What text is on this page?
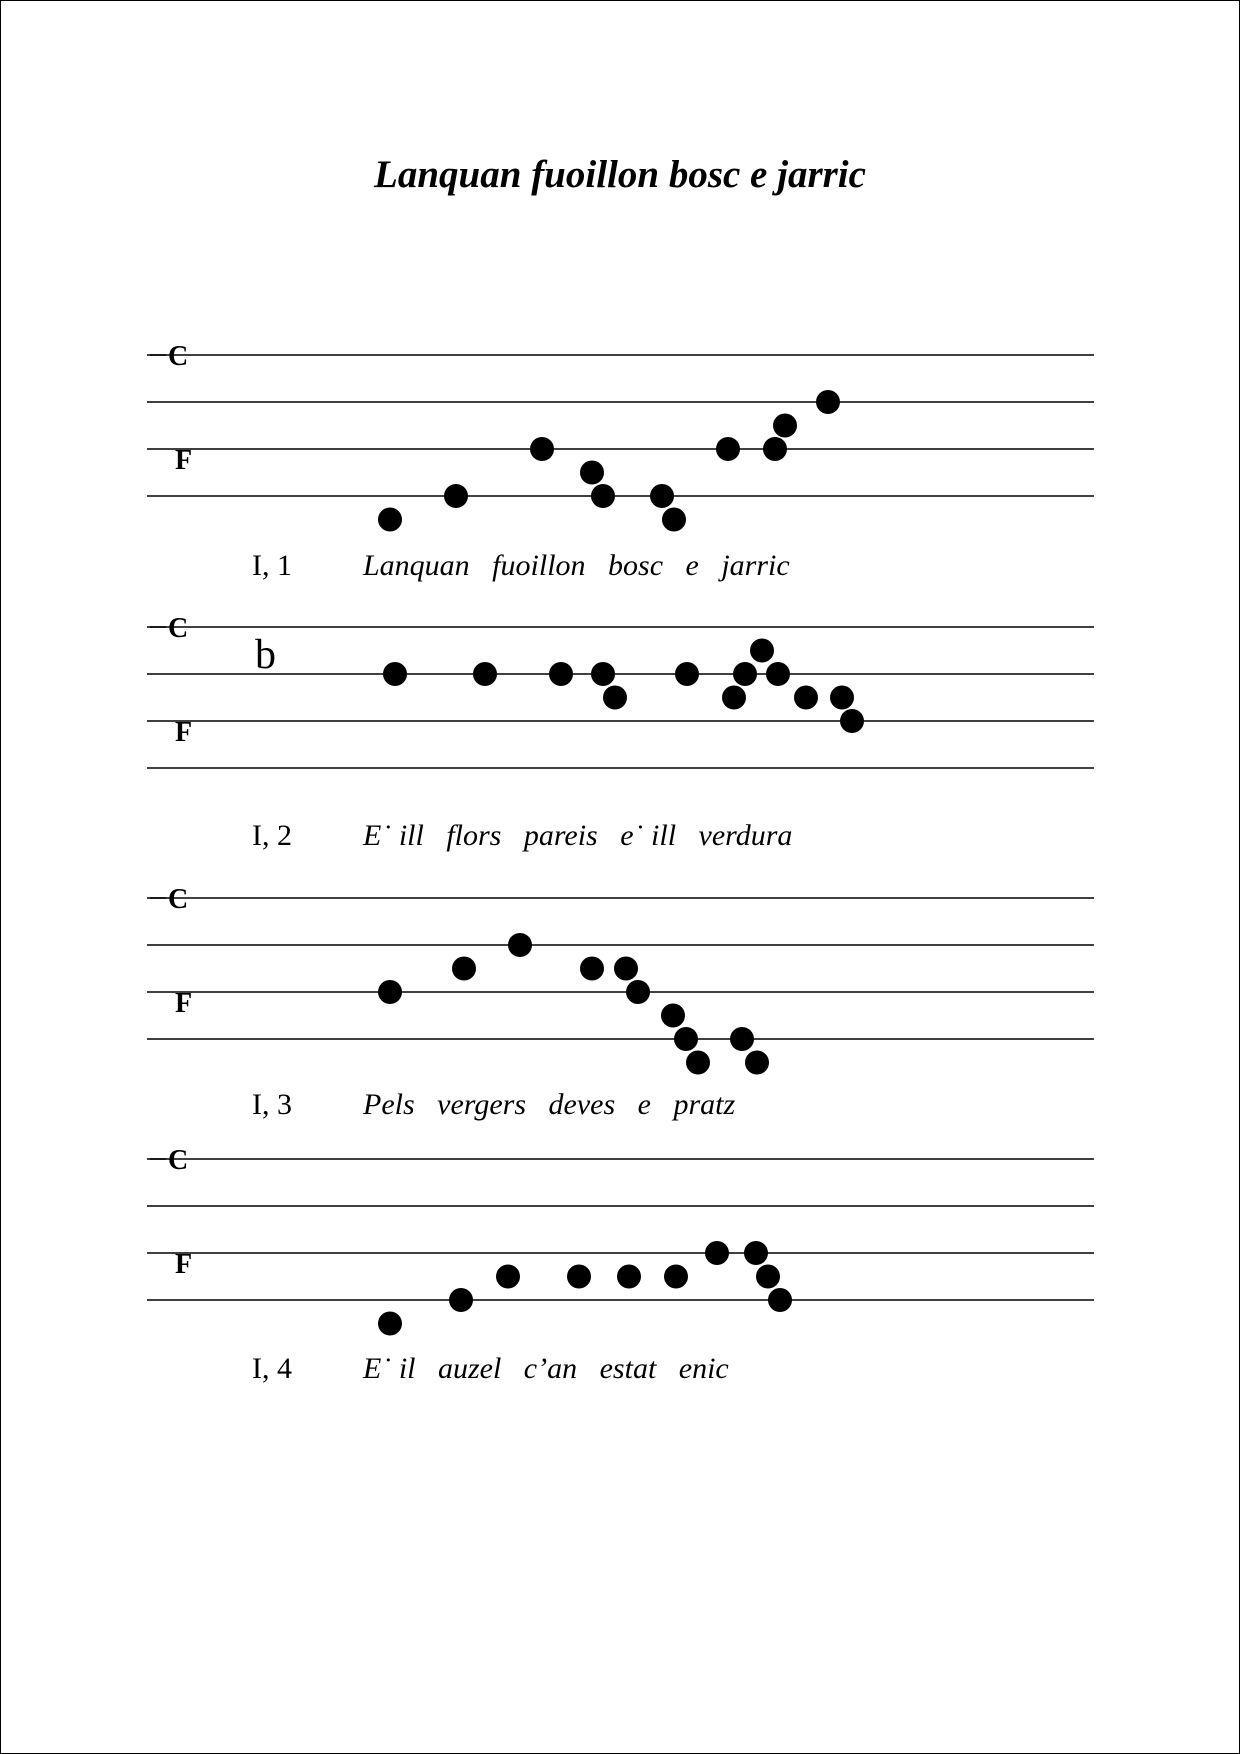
Lanquan fuoillon bosc e jarric
C
F
I, 1 Lanquan   fuoillon   bosc   e   jarric
C
F
b
I, 2 E˙ ill   flors   pareis   e˙ ill   verdura
C
F
I, 3 Pels   vergers   deves   e   pratz
C
F
I, 4 E˙ il   auzel   c’an   estat   enic
